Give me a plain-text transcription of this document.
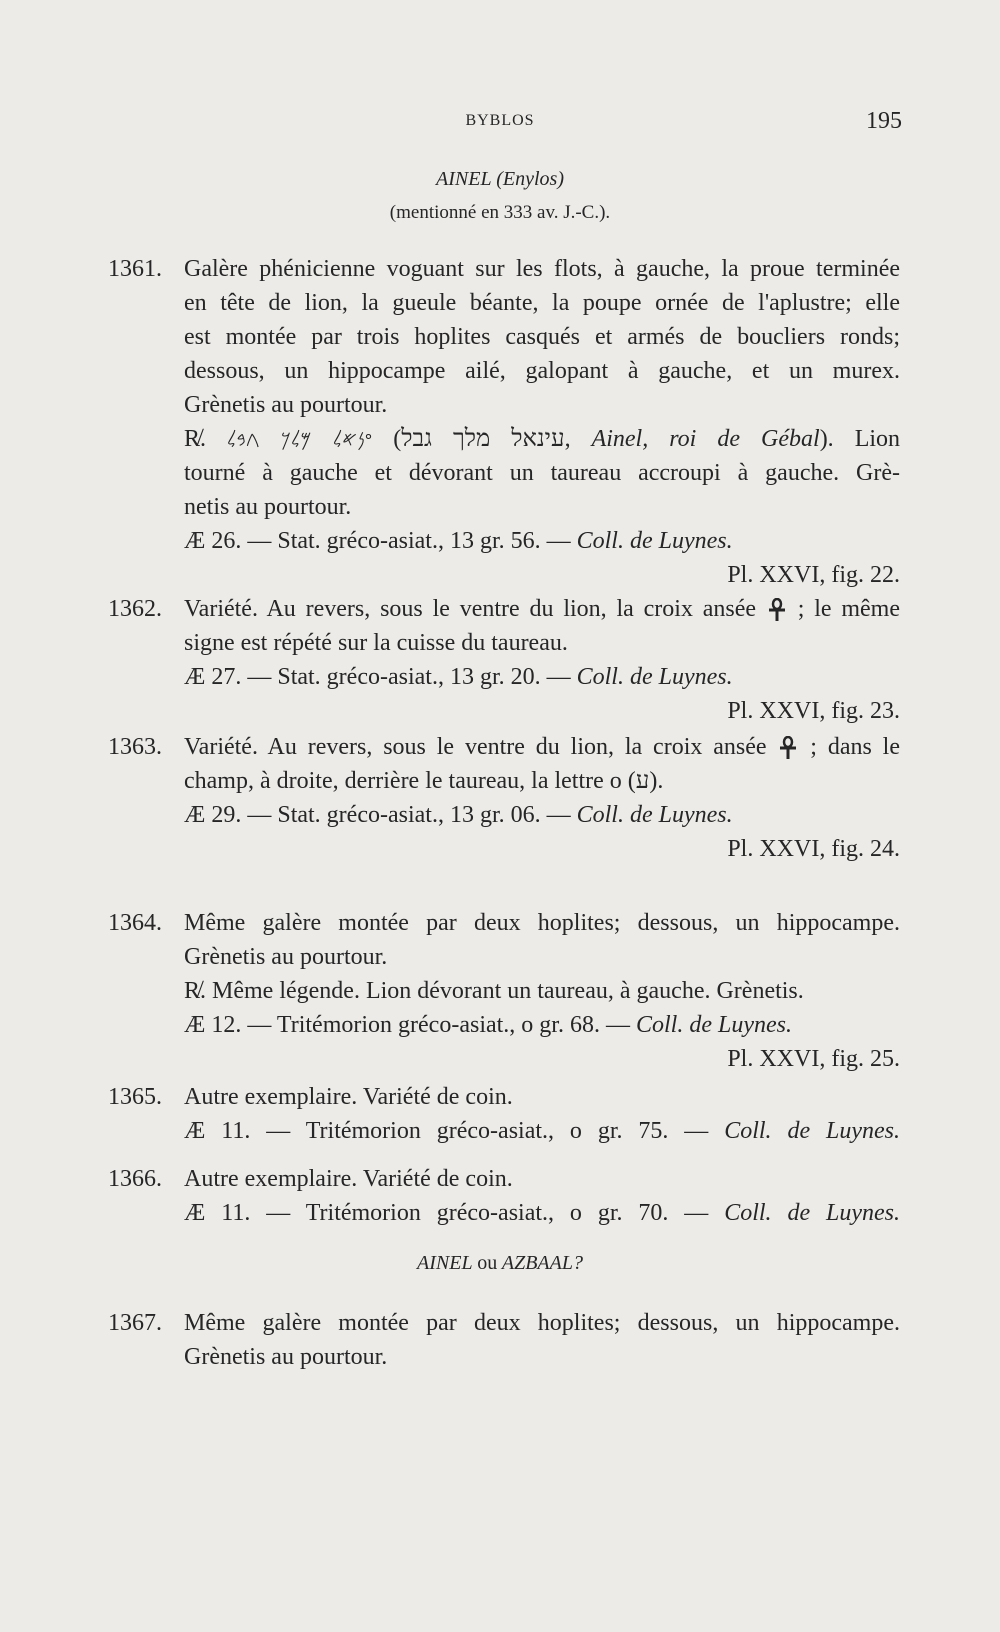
BYBLOS	195
AINEL (Enylos)
(mentionné en 333 av. J.-C.).
1361. Galère phénicienne voguant sur les flots, à gauche, la proue terminée
en tête de lion, la gueule béante, la poupe ornée de l'aplustre; elle
est montée par trois hoplites casqués et armés de boucliers ronds;
dessous, un hippocampe ailé, galopant à gauche, et un murex.
Grènetis au pourtour.
R̸. 𐤏𐤍𐤀𐤋 𐤌𐤋𐤊 𐤂𐤁𐤋 (עינאל מלך גבל, Ainel, roi de Gébal). Lion
tourné à gauche et dévorant un taureau accroupi à gauche. Grè-
netis au pourtour.
Æ 26. — Stat. gréco-asiat., 13 gr. 56. — Coll. de Luynes.
Pl. XXVI, fig. 22.
1362. Variété. Au revers, sous le ventre du lion, la croix ansée ; le même
signe est répété sur la cuisse du taureau.
Æ 27. — Stat. gréco-asiat., 13 gr. 20. — Coll. de Luynes.
Pl. XXVI, fig. 23.
1363. Variété. Au revers, sous le ventre du lion, la croix ansée ; dans le
champ, à droite, derrière le taureau, la lettre o (ע).
Æ 29. — Stat. gréco-asiat., 13 gr. 06. — Coll. de Luynes.
Pl. XXVI, fig. 24.
1364. Même galère montée par deux hoplites; dessous, un hippocampe.
Grènetis au pourtour.
R̸. Même légende. Lion dévorant un taureau, à gauche. Grènetis.
Æ 12. — Tritémorion gréco-asiat., o gr. 68. — Coll. de Luynes.
Pl. XXVI, fig. 25.
1365. Autre exemplaire. Variété de coin.
Æ 11. — Tritémorion gréco-asiat., o gr. 75. — Coll. de Luynes.
1366. Autre exemplaire. Variété de coin.
Æ 11. — Tritémorion gréco-asiat., o gr. 70. — Coll. de Luynes.
AINEL ou AZBAAL?
1367. Même galère montée par deux hoplites; dessous, un hippocampe.
Grènetis au pourtour.
